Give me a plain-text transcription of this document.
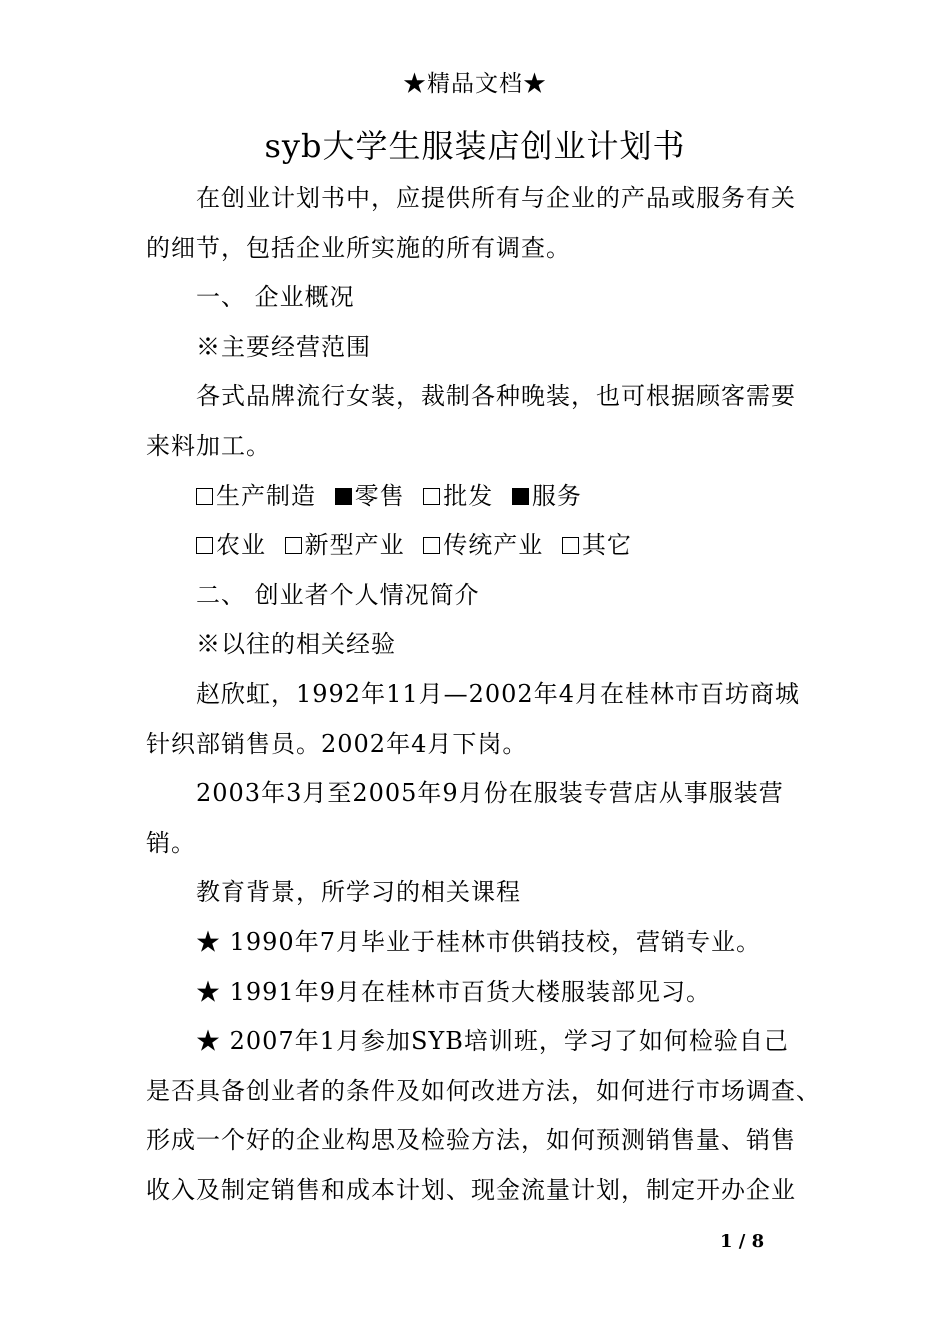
★精品文档★
syb大学生服装店创业计划书

在创业计划书中，应提供所有与企业的产品或服务有关

的细节，包括企业所实施的所有调查。

一、 企业概况

※主要经营范围

各式品牌流行女装，裁制各种晚装，也可根据顾客需要

来料加工。

生产制造 零售 批发 服务

农业 新型产业 传统产业 其它

二、 创业者个人情况简介

※以往的相关经验

赵欣虹，1992年11月—2002年4月在桂林市百坊商城

针织部销售员。2002年4月下岗。

2003年3月至2005年9月份在服装专营店从事服装营

销。

教育背景，所学习的相关课程

★ 1990年7月毕业于桂林市供销技校，营销专业。

★ 1991年9月在桂林市百货大楼服装部见习。

★ 2007年1月参加SYB培训班，学习了如何检验自己

是否具备创业者的条件及如何改进方法，如何进行市场调查、

形成一个好的企业构思及检验方法，如何预测销售量、销售

收入及制定销售和成本计划、现金流量计划，制定开办企业

1 / 8
